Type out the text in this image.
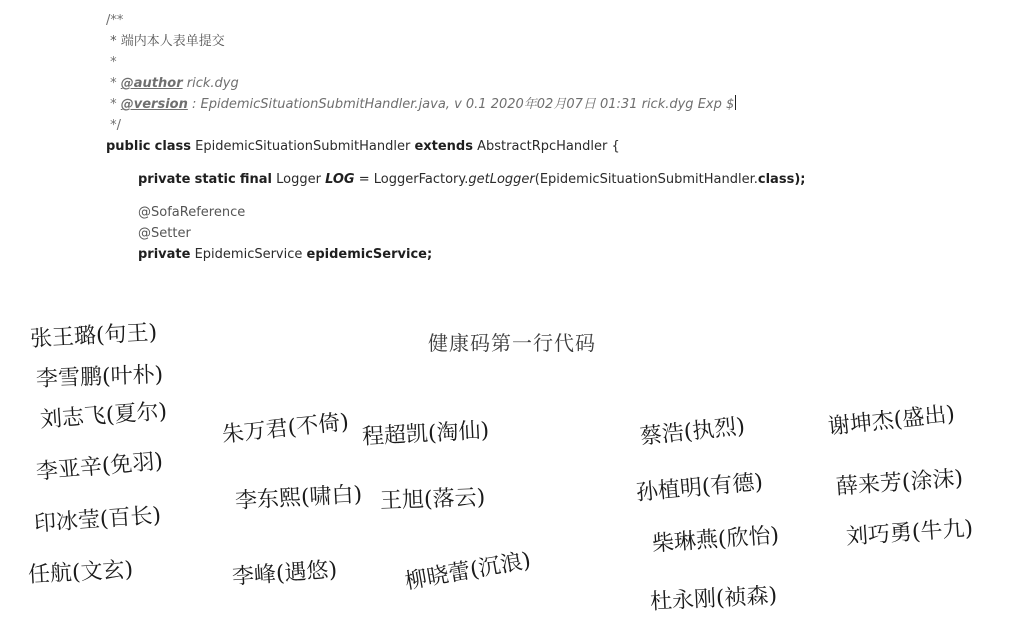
/**
* 端内本人表单提交
*
* @author rick.dyg
* @version : EpidemicSituationSubmitHandler.java, v 0.1 2020年02月07日 01:31 rick.dyg Exp $
*/
public class EpidemicSituationSubmitHandler extends AbstractRpcHandler {
private static final Logger LOG = LoggerFactory.getLogger(EpidemicSituationSubmitHandler.class);
@SofaReference
@Setter
private EpidemicService epidemicService;
健康码第一行代码
张王璐(句王)
李雪鹏(叶朴)
刘志飞(夏尔)
李亚辛(免羽)
印冰莹(百长)
任航(文玄)
朱万君(不倚) 程超凯(淘仙)
李东熙(啸白) 王旭(落云)
李峰(遇悠)	柳晓蕾(沉浪)
蔡浩(执烈)	谢坤杰(盛出)
孙植明(有德)	薛来芳(涂沫)
柴琳燕(欣怡)	刘巧勇(牛九)
杜永刚(祯森)
